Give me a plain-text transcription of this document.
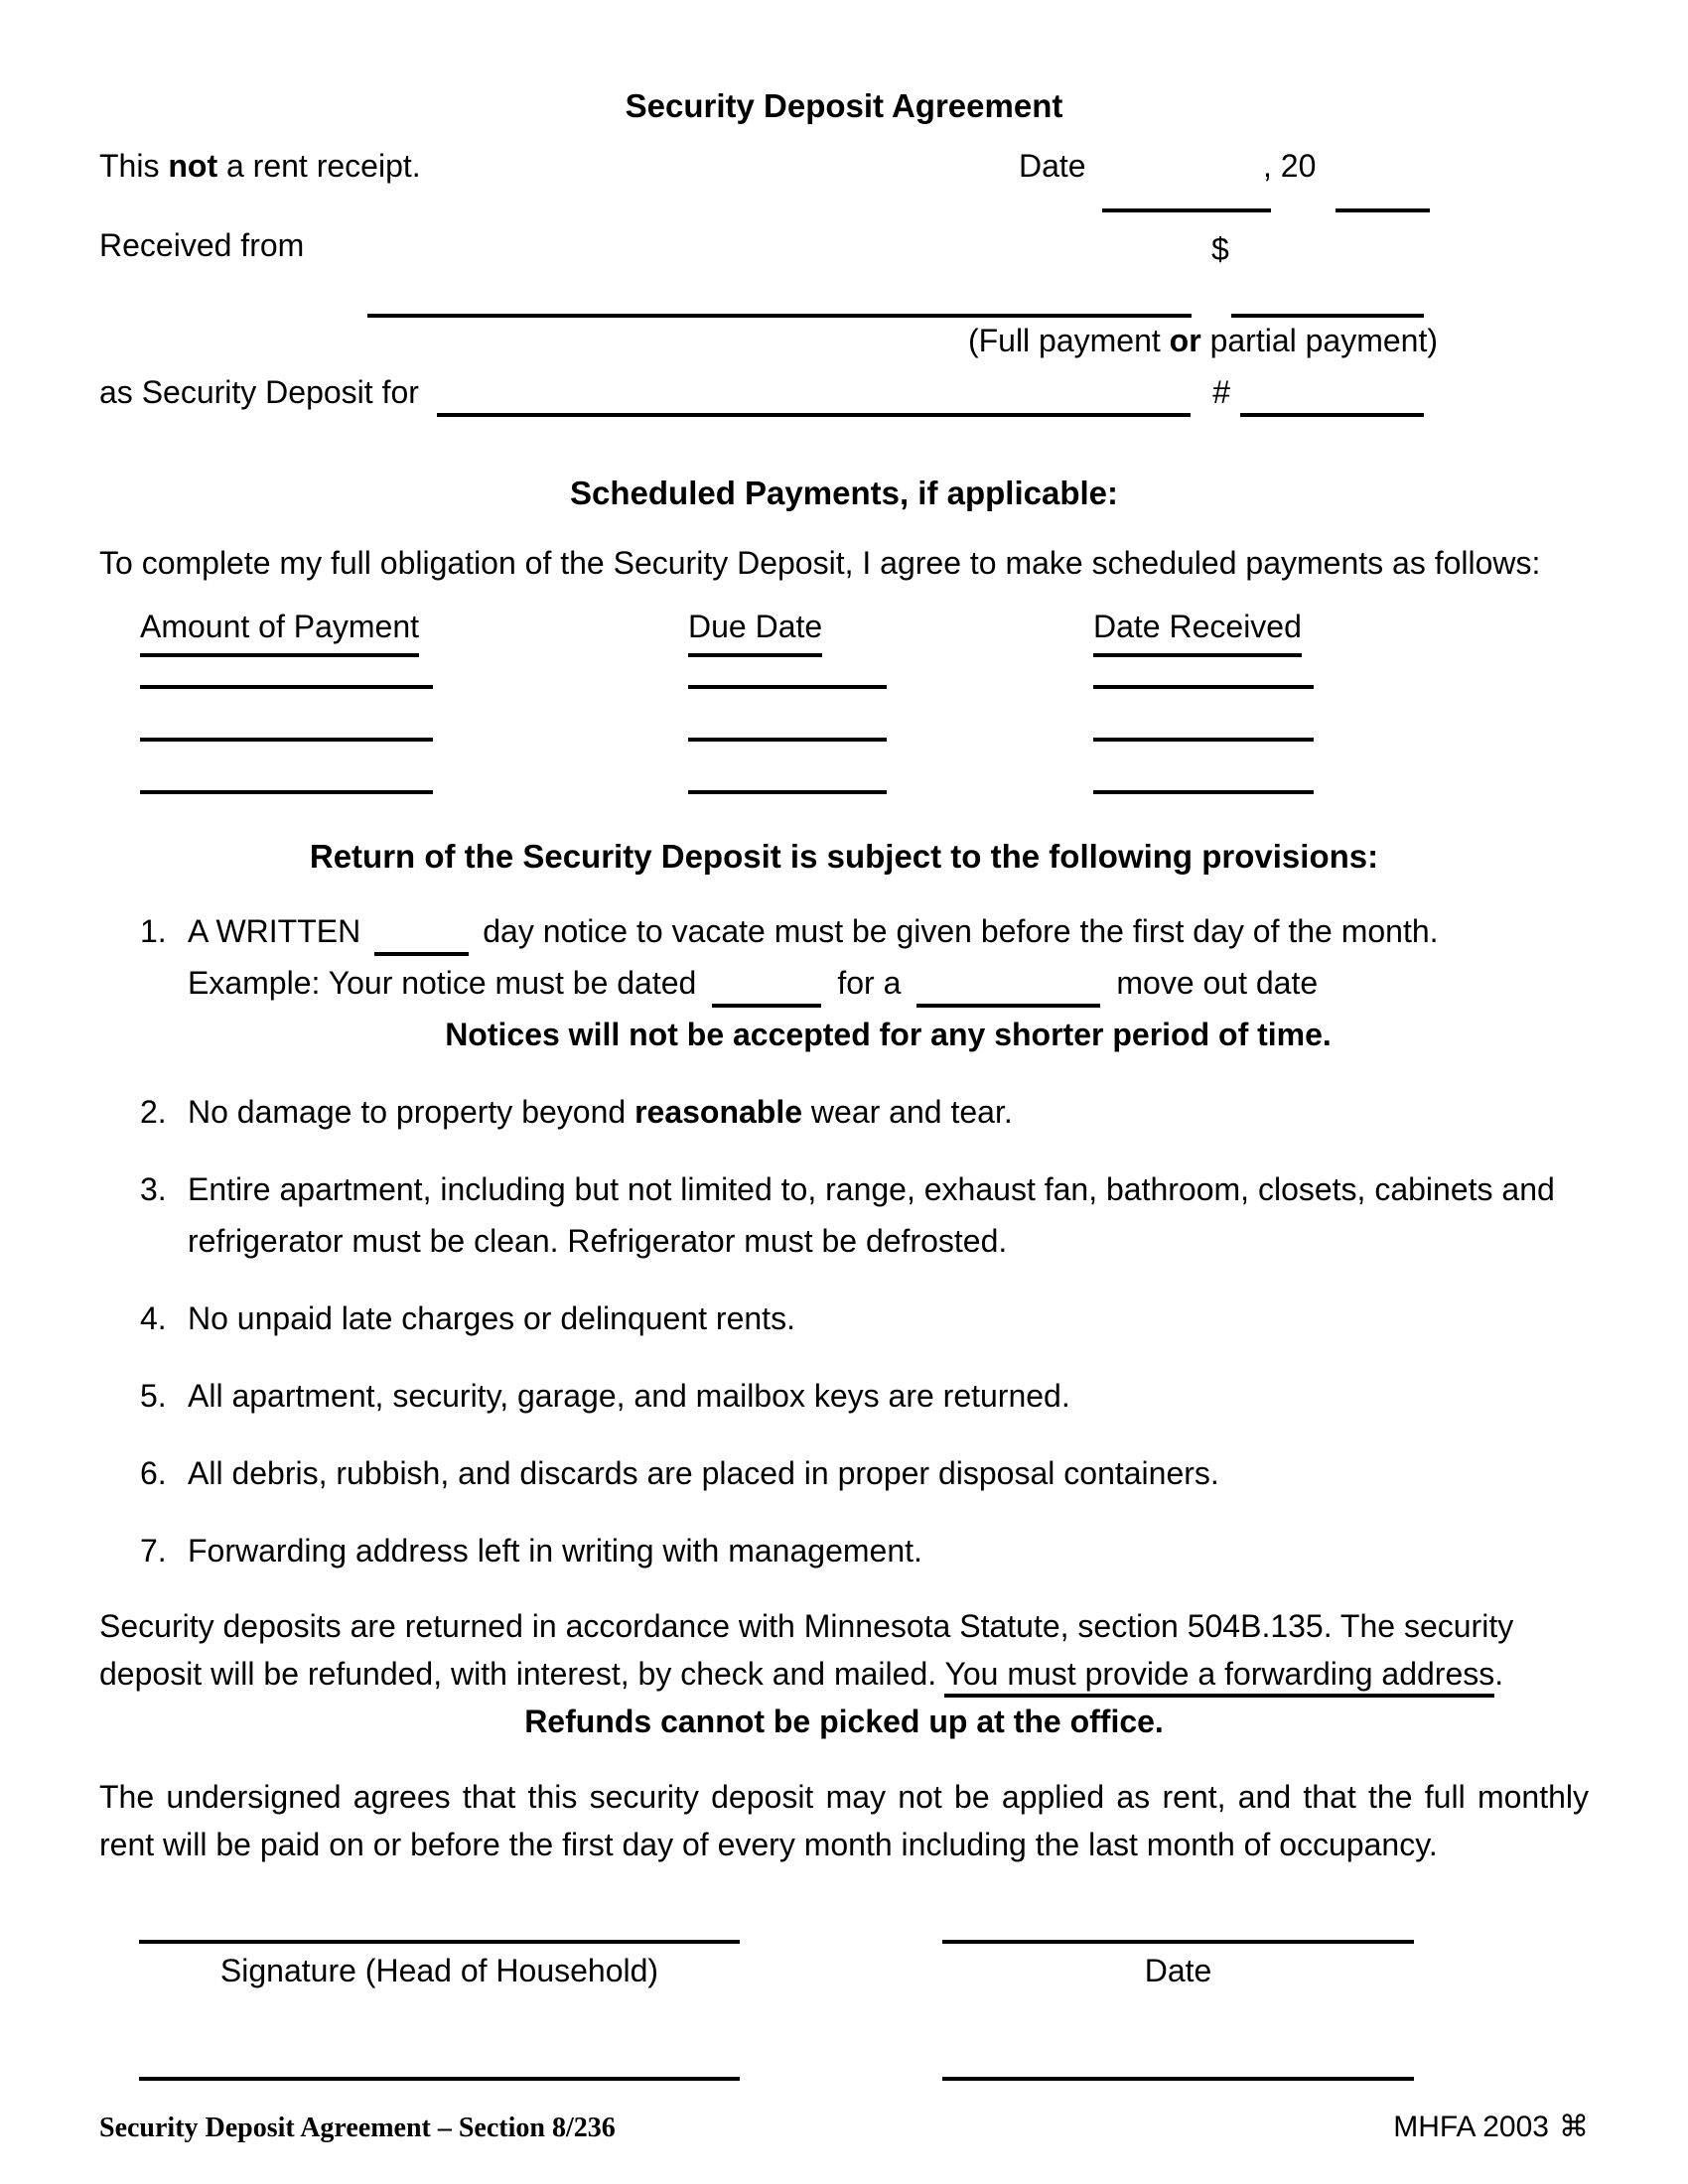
Security Deposit Agreement
This not a rent receipt.	Date	, 20
Received from	$
(Full payment or partial payment)
as Security Deposit for	#
Scheduled Payments, if applicable:

To complete my full obligation of the Security Deposit, I agree to make scheduled payments as follows:

Amount of Payment	Due Date	Date Received
Return of the Security Deposit is subject to the following provisions:
1. A WRITTEN	day notice to vacate must be given before the first day of the month.
Example: Your notice must be dated	for a	move out date
Notices will not be accepted for any shorter period of time.
2. No damage to property beyond reasonable wear and tear.
3. Entire apartment, including but not limited to, range, exhaust fan, bathroom, closets, cabinets and refrigerator must be clean. Refrigerator must be defrosted.
4. No unpaid late charges or delinquent rents.
5. All apartment, security, garage, and mailbox keys are returned.
6. All debris, rubbish, and discards are placed in proper disposal containers.
7. Forwarding address left in writing with management.

Security deposits are returned in accordance with Minnesota Statute, section 504B.135. The security deposit will be refunded, with interest, by check and mailed. You must provide a forwarding address.

Refunds cannot be picked up at the office.

The undersigned agrees that this security deposit may not be applied as rent, and that the full monthly rent will be paid on or before the first day of every month including the last month of occupancy.

Signature (Head of Household)	Date
Security Deposit Agreement – Section 8/236	MHFA 2003 ⌘
